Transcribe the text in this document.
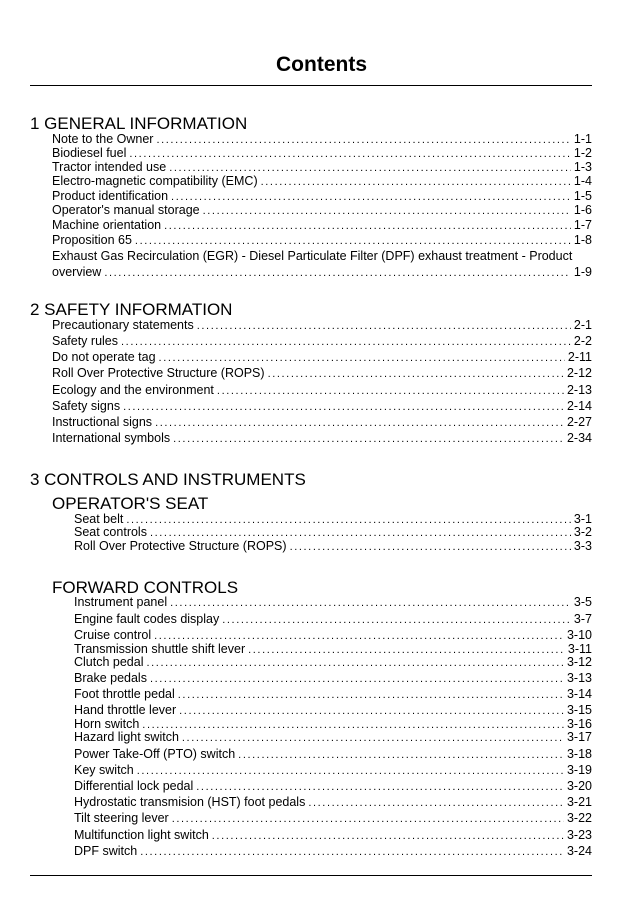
Contents
1 GENERAL INFORMATION
Note to the Owner .....	1-1
Biodiesel fuel .....	1-2
Tractor intended use .....	1-3
Electro-magnetic compatibility (EMC) .....	1-4
Product identification .....	1-5
Operator's manual storage .....	1-6
Machine orientation .....	1-7
Proposition 65 .....	1-8
Exhaust Gas Recirculation (EGR) - Diesel Particulate Filter (DPF) exhaust treatment - Product
overview .....	1-9
2 SAFETY INFORMATION
Precautionary statements .....	2-1
Safety rules .....	2-2
Do not operate tag .....	2-11
Roll Over Protective Structure (ROPS) .....	2-12
Ecology and the environment .....	2-13
Safety signs .....	2-14
Instructional signs .....	2-27
International symbols .....	2-34
3 CONTROLS AND INSTRUMENTS
OPERATOR'S SEAT
Seat belt .....	3-1
Seat controls .....	3-2
Roll Over Protective Structure (ROPS) .....	3-3
FORWARD CONTROLS
Instrument panel .....	3-5
Engine fault codes display .....	3-7
Cruise control .....	3-10
Transmission shuttle shift lever .....	3-11
Clutch pedal .....	3-12
Brake pedals .....	3-13
Foot throttle pedal .....	3-14
Hand throttle lever .....	3-15
Horn switch .....	3-16
Hazard light switch .....	3-17
Power Take-Off (PTO) switch .....	3-18
Key switch .....	3-19
Differential lock pedal .....	3-20
Hydrostatic transmision (HST) foot pedals .....	3-21
Tilt steering lever .....	3-22
Multifunction light switch .....	3-23
DPF switch .....	3-24
